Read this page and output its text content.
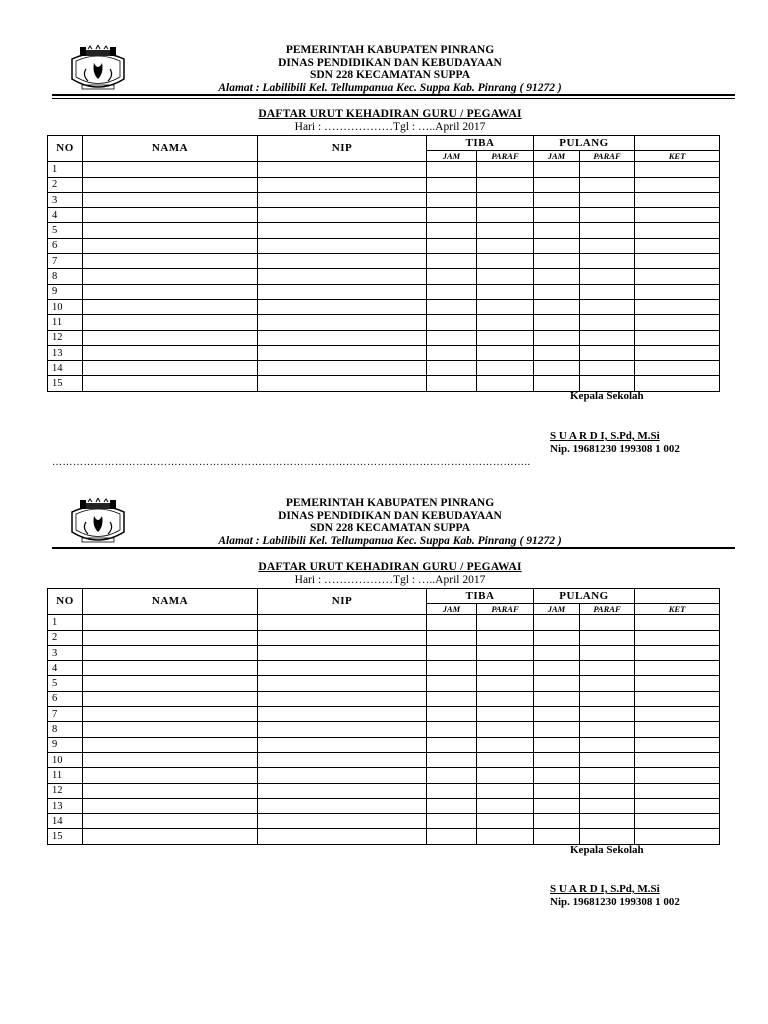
PEMERINTAH KABUPATEN PINRANG
DINAS PENDIDIKAN DAN KEBUDAYAAN
SDN 228 KECAMATAN SUPPA
Alamat : Labilibili Kel. Tellumpanua Kec. Suppa Kab. Pinrang ( 91272 )
DAFTAR URUT KEHADIRAN GURU / PEGAWAI
Hari : ………………Tgl : …..April 2017
NO	NAMA	NIP	TIBA		PULANG		
			JAM	PARAF	JAM	PARAF	KET
1							
2							
3							
4							
5							
6							
7							
8							
9							
10							
11							
12							
13							
14							
15							
Kepala Sekolah
S U A R D I, S.Pd, M.Si
Nip. 19681230 199308 1 002
………………………………………………………………………………………………………………………..
PEMERINTAH KABUPATEN PINRANG
DINAS PENDIDIKAN DAN KEBUDAYAAN
SDN 228 KECAMATAN SUPPA
Alamat : Labilibili Kel. Tellumpanua Kec. Suppa Kab. Pinrang ( 91272 )
DAFTAR URUT KEHADIRAN GURU / PEGAWAI
Hari : ………………Tgl : …..April 2017
NO	NAMA	NIP	TIBA		PULANG		
			JAM	PARAF	JAM	PARAF	KET
1							
2							
3							
4							
5							
6							
7							
8							
9							
10							
11							
12							
13							
14							
15							
Kepala Sekolah
S U A R D I, S.Pd, M.Si
Nip. 19681230 199308 1 002
